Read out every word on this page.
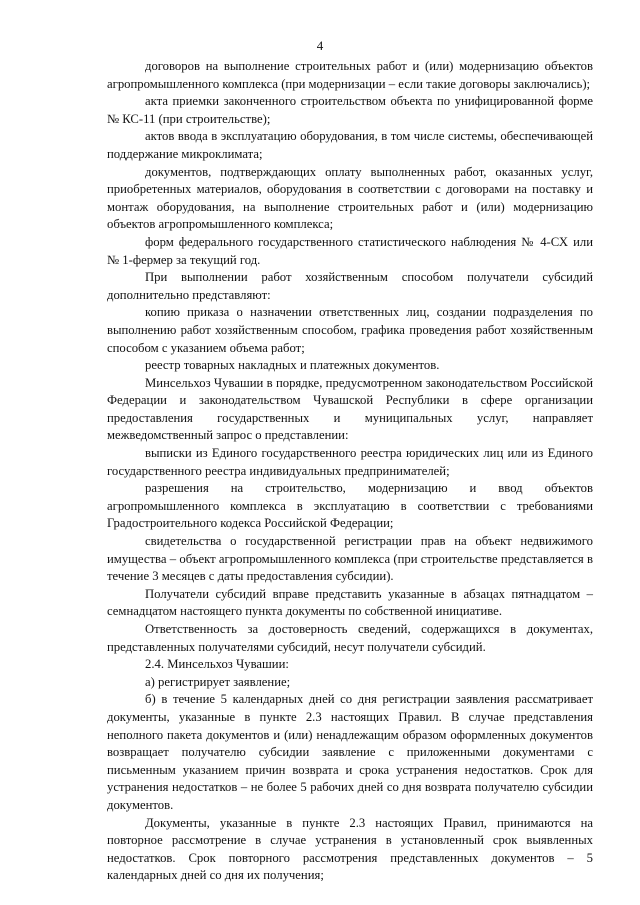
4

договоров на выполнение строительных работ и (или) модернизацию объектов агропромышленного комплекса (при модернизации – если такие договоры заключались);

акта приемки законченного строительством объекта по унифицированной форме № КС-11 (при строительстве);

актов ввода в эксплуатацию оборудования, в том числе системы, обеспечивающей поддержание микроклимата;

документов, подтверждающих оплату выполненных работ, оказанных услуг, приобретенных материалов, оборудования в соответствии с договорами на поставку и монтаж оборудования, на выполнение строительных работ и (или) модернизацию объектов агропромышленного комплекса;

форм федерального государственного статистического наблюдения № 4-СХ или № 1-фермер за текущий год.

При выполнении работ хозяйственным способом получатели субсидий дополнительно представляют:

копию приказа о назначении ответственных лиц, создании подразделения по выполнению работ хозяйственным способом, графика проведения работ хозяйственным способом с указанием объема работ;

реестр товарных накладных и платежных документов.

Минсельхоз Чувашии в порядке, предусмотренном законодательством Российской Федерации и законодательством Чувашской Республики в сфере организации предоставления государственных и муниципальных услуг, направляет межведомственный запрос о представлении:

выписки из Единого государственного реестра юридических лиц или из Единого государственного реестра индивидуальных предпринимателей;

разрешения на строительство, модернизацию и ввод объектов агропромышленного комплекса в эксплуатацию в соответствии с требованиями Градостроительного кодекса Российской Федерации;

свидетельства о государственной регистрации прав на объект недвижимого имущества – объект агропромышленного комплекса (при строительстве представляется в течение 3 месяцев с даты предоставления субсидии).

Получатели субсидий вправе представить указанные в абзацах пятнадцатом – семнадцатом настоящего пункта документы по собственной инициативе.

Ответственность за достоверность сведений, содержащихся в документах, представленных получателями субсидий, несут получатели субсидий.

2.4. Минсельхоз Чувашии:

а) регистрирует заявление;

б) в течение 5 календарных дней со дня регистрации заявления рассматривает документы, указанные в пункте 2.3 настоящих Правил. В случае представления неполного пакета документов и (или) ненадлежащим образом оформленных документов возвращает получателю субсидии заявление с приложенными документами с письменным указанием причин возврата и срока устранения недостатков. Срок для устранения недостатков – не более 5 рабочих дней со дня возврата получателю субсидии документов.

Документы, указанные в пункте 2.3 настоящих Правил, принимаются на повторное рассмотрение в случае устранения в установленный срок выявленных недостатков. Срок повторного рассмотрения представленных документов – 5 календарных дней со дня их получения;
